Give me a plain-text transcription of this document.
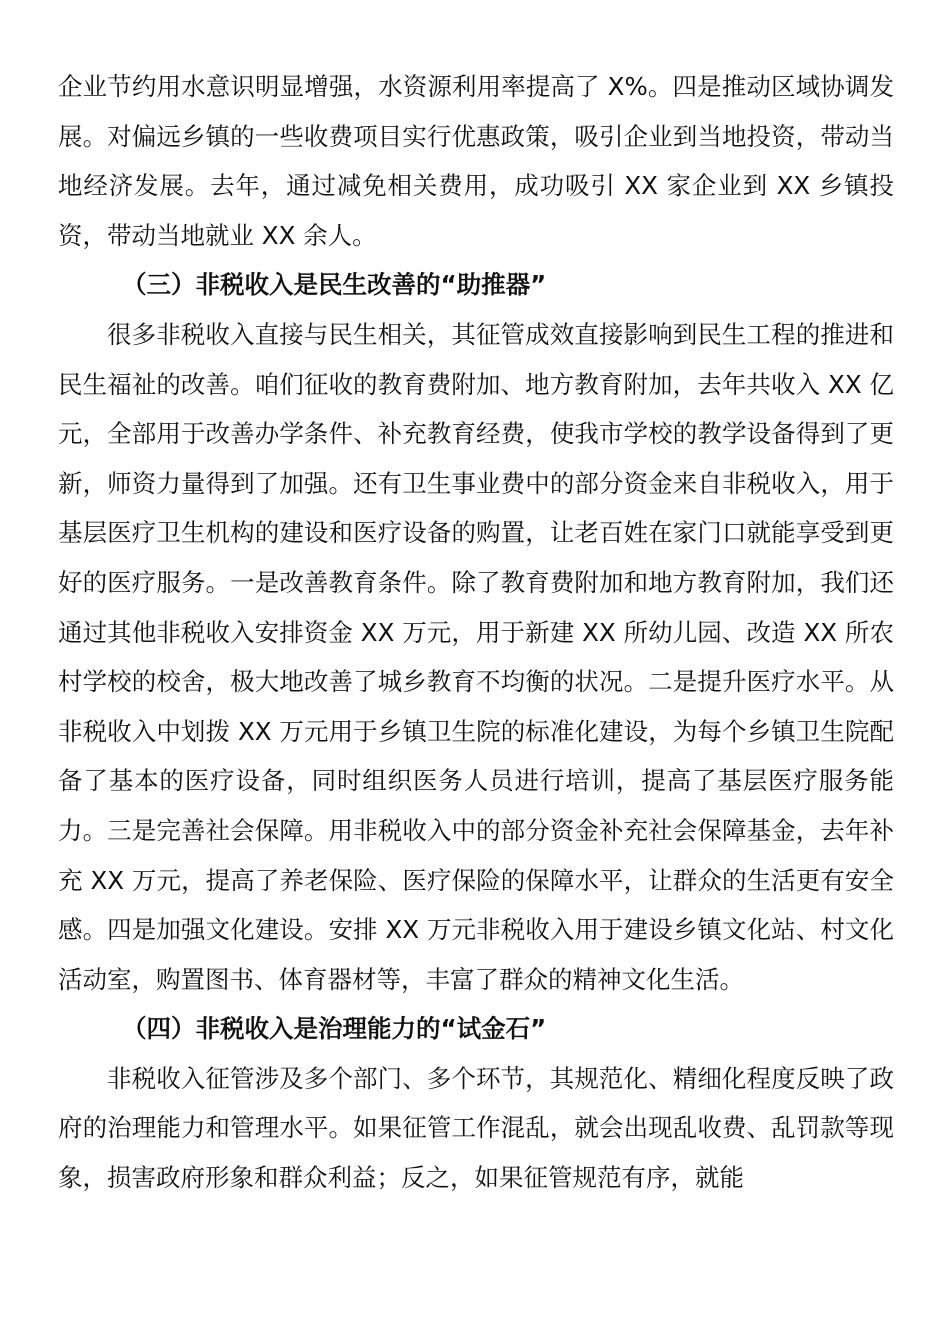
企业节约用水意识明显增强，水资源利用率提高了 X%。四是推动区域协调发展。对偏远乡镇的一些收费项目实行优惠政策，吸引企业到当地投资，带动当地经济发展。去年，通过减免相关费用，成功吸引 XX 家企业到 XX 乡镇投资，带动当地就业 XX 余人。

（三）非税收入是民生改善的“助推器”

很多非税收入直接与民生相关，其征管成效直接影响到民生工程的推进和民生福祉的改善。咱们征收的教育费附加、地方教育附加，去年共收入 XX 亿元，全部用于改善办学条件、补充教育经费，使我市学校的教学设备得到了更新，师资力量得到了加强。还有卫生事业费中的部分资金来自非税收入，用于基层医疗卫生机构的建设和医疗设备的购置，让老百姓在家门口就能享受到更好的医疗服务。一是改善教育条件。除了教育费附加和地方教育附加，我们还通过其他非税收入安排资金 XX 万元，用于新建 XX 所幼儿园、改造 XX 所农村学校的校舍，极大地改善了城乡教育不均衡的状况。二是提升医疗水平。从非税收入中划拨 XX 万元用于乡镇卫生院的标准化建设，为每个乡镇卫生院配备了基本的医疗设备，同时组织医务人员进行培训，提高了基层医疗服务能力。三是完善社会保障。用非税收入中的部分资金补充社会保障基金，去年补充 XX 万元，提高了养老保险、医疗保险的保障水平，让群众的生活更有安全感。四是加强文化建设。安排 XX 万元非税收入用于建设乡镇文化站、村文化活动室，购置图书、体育器材等，丰富了群众的精神文化生活。

（四）非税收入是治理能力的“试金石”

非税收入征管涉及多个部门、多个环节，其规范化、精细化程度反映了政府的治理能力和管理水平。如果征管工作混乱，就会出现乱收费、乱罚款等现象，损害政府形象和群众利益；反之，如果征管规范有序，就能
